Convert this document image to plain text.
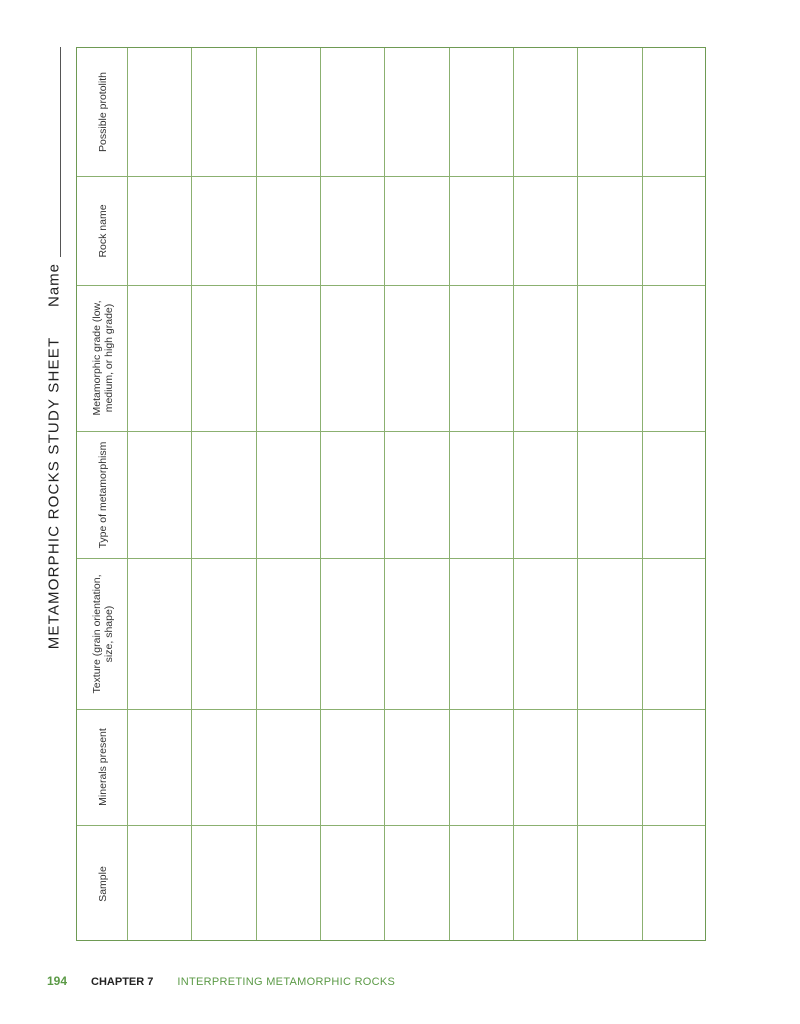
METAMORPHIC ROCKS STUDY SHEET
Name
Possible protolith
Rock name
Metamorphic grade (low, medium, or high grade)
Type of metamorphism
Texture (grain orientation, size, shape)
Minerals present
Sample
194 CHAPTER 7 INTERPRETING METAMORPHIC ROCKS
